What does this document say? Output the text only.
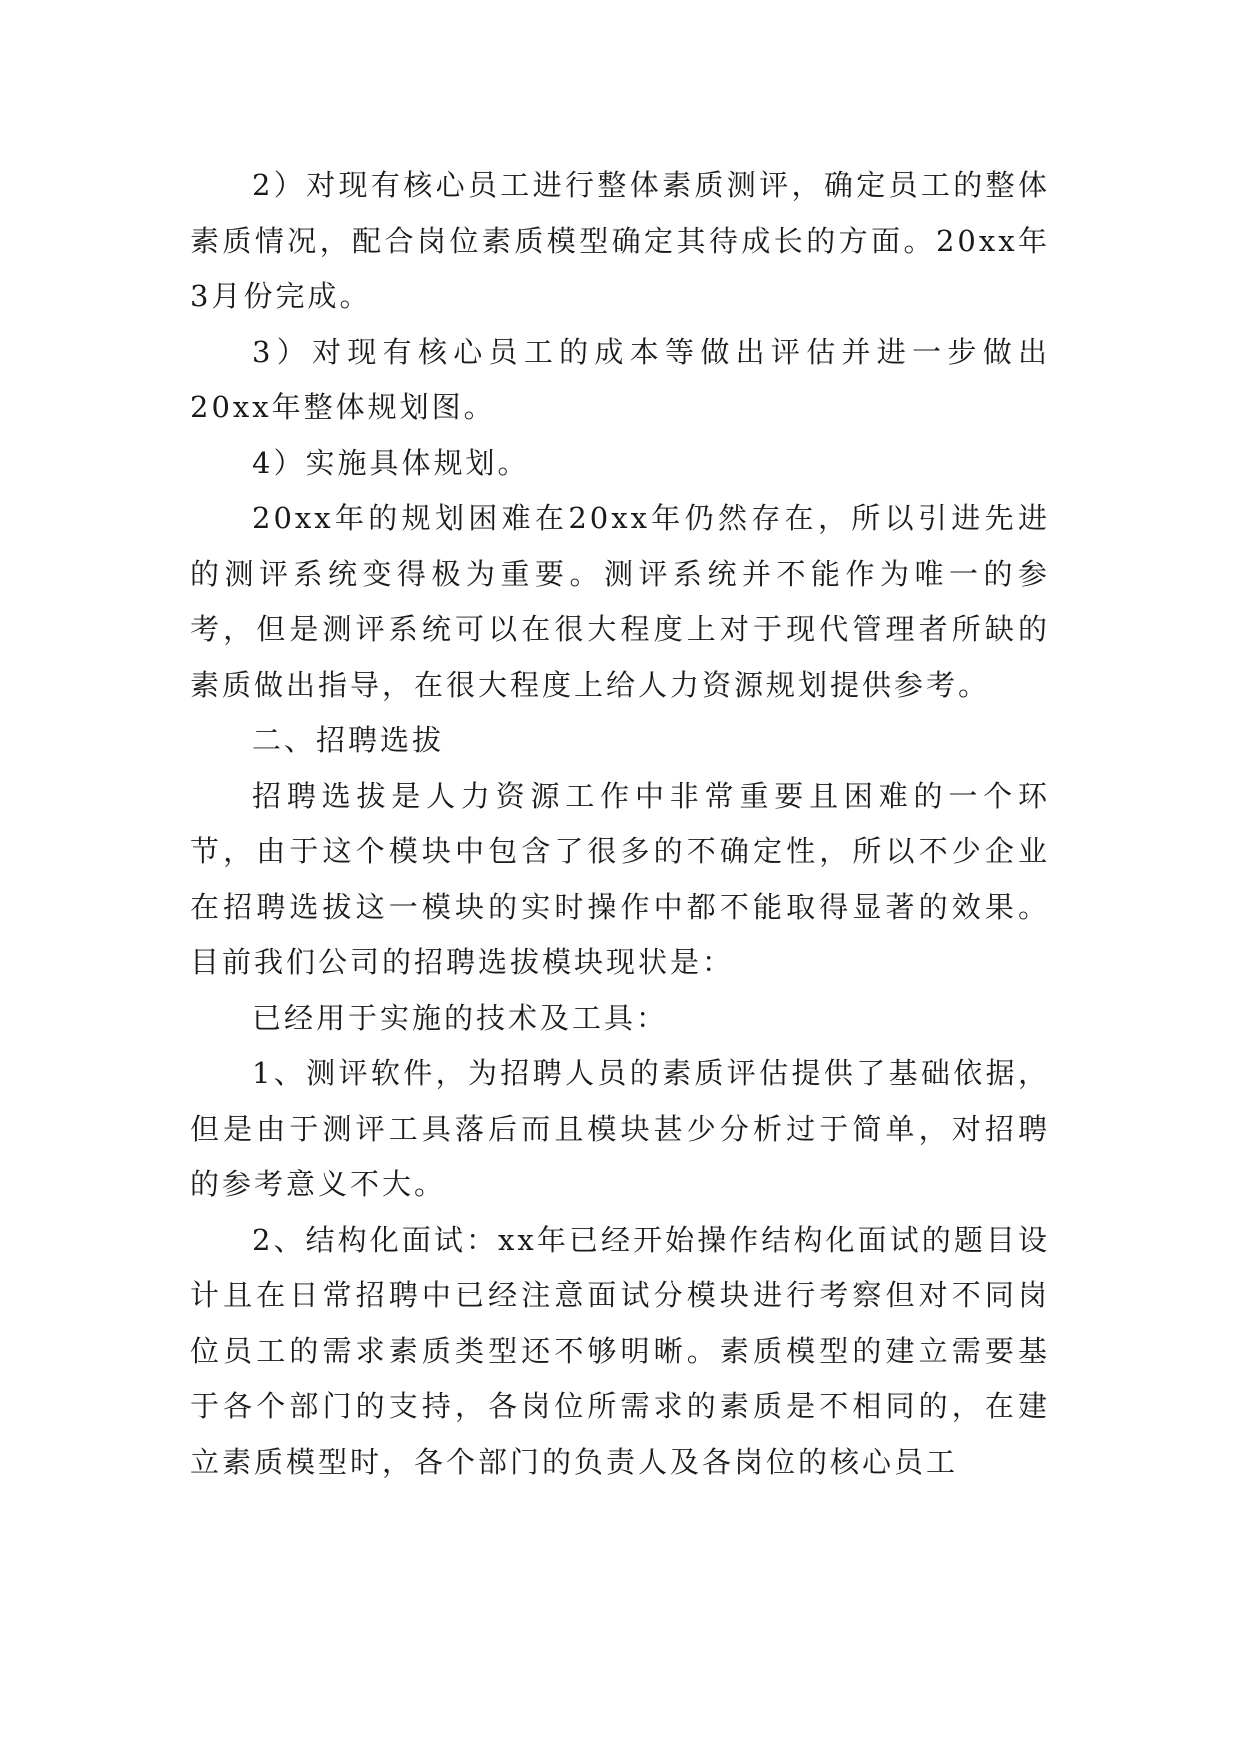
2）对现有核心员工进行整体素质测评，确定员工的整体素质情况，配合岗位素质模型确定其待成长的方面。20xx年3月份完成。

3）对现有核心员工的成本等做出评估并进一步做出20xx年整体规划图。

4）实施具体规划。

20xx年的规划困难在20xx年仍然存在，所以引进先进的测评系统变得极为重要。测评系统并不能作为唯一的参考，但是测评系统可以在很大程度上对于现代管理者所缺的素质做出指导，在很大程度上给人力资源规划提供参考。

二、招聘选拔

招聘选拔是人力资源工作中非常重要且困难的一个环节，由于这个模块中包含了很多的不确定性，所以不少企业在招聘选拔这一模块的实时操作中都不能取得显著的效果。目前我们公司的招聘选拔模块现状是：

已经用于实施的技术及工具：

1、测评软件，为招聘人员的素质评估提供了基础依据，但是由于测评工具落后而且模块甚少分析过于简单，对招聘的参考意义不大。

2、结构化面试：xx年已经开始操作结构化面试的题目设计且在日常招聘中已经注意面试分模块进行考察但对不同岗位员工的需求素质类型还不够明晰。素质模型的建立需要基于各个部门的支持，各岗位所需求的素质是不相同的，在建立素质模型时，各个部门的负责人及各岗位的核心员工
